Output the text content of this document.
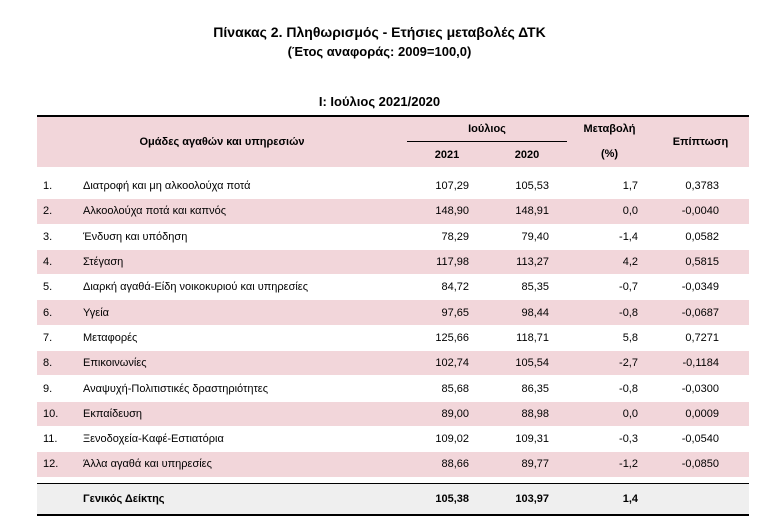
Πίνακας 2. Πληθωρισμός - Ετήσιες μεταβολές ΔΤΚ
(Έτος αναφοράς: 2009=100,0)
Ι: Ιούλιος 2021/2020
Ομάδες αγαθών και υπηρεσιών		Ιούλιος		Μεταβολή	Επίπτωση
		2021	2020	(%)	

1.	Διατροφή και μη αλκοολούχα ποτά	107,29	105,53	1,7	0,3783
2.	Αλκοολούχα ποτά και καπνός	148,90	148,91	0,0	-0,0040
3.	Ένδυση και υπόδηση	78,29	79,40	-1,4	0,0582
4.	Στέγαση	117,98	113,27	4,2	0,5815
5.	Διαρκή αγαθά-Είδη νοικοκυριού και υπηρεσίες	84,72	85,35	-0,7	-0,0349
6.	Υγεία	97,65	98,44	-0,8	-0,0687
7.	Μεταφορές	125,66	118,71	5,8	0,7271
8.	Επικοινωνίες	102,74	105,54	-2,7	-0,1184
9.	Αναψυχή-Πολιτιστικές δραστηριότητες	85,68	86,35	-0,8	-0,0300
10.	Εκπαίδευση	89,00	88,98	0,0	0,0009
11.	Ξενοδοχεία-Καφέ-Εστιατόρια	109,02	109,31	-0,3	-0,0540
12.	Άλλα αγαθά και υπηρεσίες	88,66	89,77	-1,2	-0,0850

	Γενικός Δείκτης	105,38	103,97	1,4	
